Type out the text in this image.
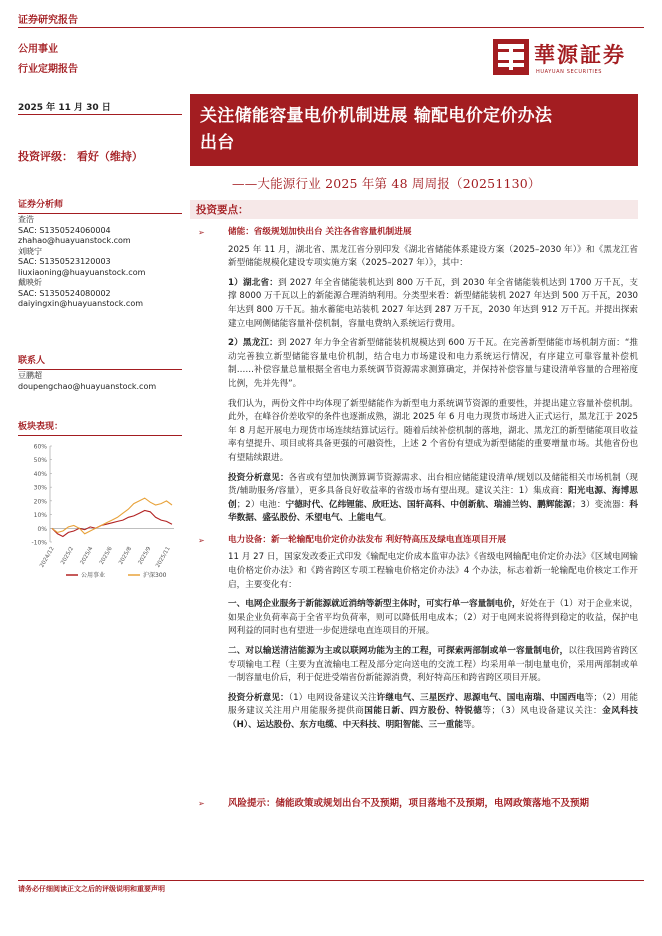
证券研究报告
華源証券
HUAYUAN SECURITIES
公用事业
行业定期报告
2025 年 11 月 30 日
投资评级： 看好（维持）
证券分析师
查浩
SAC: S1350524060004
zhahao@huayuanstock.com
刘晓宁
SAC: S1350523120003
liuxiaoning@huayuanstock.com
戴映炘
SAC: S1350524080002
daiyingxin@huayuanstock.com
联系人
豆鹏超
doupengchao@huayuanstock.com
板块表现：
60%
50%
40%
30%
20%
10%
0%
-10%
2024/12 2025/2 2025/4 2025/6 2025/8 2025/9 2025/11
公用事业	沪深300
关注储能容量电价机制进展 输配电价定价办法
出台
——大能源行业 2025 年第 48 周周报（20251130）
投资要点：
➢	储能：省级规划加快出台 关注各省容量机制进展

2025 年 11 月，湖北省、黑龙江省分别印发《湖北省储能体系建设方案（2025–2030 年）》和《黑龙江省新型储能规模化建设专项实施方案（2025–2027 年）》，其中：

1）湖北省：到 2027 年全省储能装机达到 800 万千瓦，到 2030 年全省储能装机达到 1700 万千瓦，支撑 8000 万千瓦以上的新能源合理消纳利用。分类型来看：新型储能装机 2027 年达到 500 万千瓦，2030 年达到 800 万千瓦。抽水蓄能电站装机 2027 年达到 287 万千瓦，2030 年达到 912 万千瓦。并提出探索建立电网侧储能容量补偿机制，容量电费纳入系统运行费用。

2）黑龙江：到 2027 年力争全省新型储能装机规模达到 600 万千瓦。在完善新型储能市场机制方面：“推动完善独立新型储能容量电价机制，结合电力市场建设和电力系统运行情况，有序建立可靠容量补偿机制……补偿容量总量根据全省电力系统调节资源需求测算确定，并保持补偿容量与建设清单容量的合理裕度比例，先并先得”。

我们认为，两份文件中均体现了新型储能作为新型电力系统调节资源的重要性，并提出建立容量补偿机制。此外，在峰谷价差收窄的条件也逐渐成熟，湖北 2025 年 6 月电力现货市场进入正式运行，黑龙江于 2025 年 8 月起开展电力现货市场连续结算试运行。随着后续补偿机制的落地，湖北、黑龙江的新型储能项目收益率有望提升、项目或将具备更强的可融资性，上述 2 个省份有望成为新型储能的重要增量市场。其他省份也有望陆续跟进。

投资分析意见：各省或有望加快测算调节资源需求、出台相应储能建设清单/规划以及储能相关市场机制（现货/辅助服务/容量），更多具备良好收益率的省级市场有望出现。建议关注：1）集成商：阳光电源、海博思创；2）电池：宁德时代、亿纬锂能、欣旺达、国轩高科、中创新航、瑞浦兰钧、鹏辉能源；3）变流器：科华数据、盛弘股份、禾望电气、上能电气。

➢	电力设备：新一轮输配电价定价办法发布 利好特高压及绿电直连项目开展

11 月 27 日，国家发改委正式印发《输配电定价成本监审办法》《省级电网输配电价定价办法》《区域电网输电价格定价办法》和《跨省跨区专项工程输电价格定价办法》4 个办法，标志着新一轮输配电价核定工作开启，主要变化有：

一、电网企业服务于新能源就近消纳等新型主体时，可实行单一容量制电价，好处在于（1）对于企业来说，如果企业负荷率高于全省平均负荷率，则可以降低用电成本；（2）对于电网来说将得到稳定的收益，保护电网利益的同时也有望进一步促进绿电直连项目的开展。

二、对以输送清洁能源为主或以联网功能为主的工程，可探索两部制或单一容量制电价，以往我国跨省跨区专项输电工程（主要为直流输电工程及部分定向送电的交流工程）均采用单一制电量电价，采用两部制或单一制容量电价后，利于促进受端省份新能源消费，利好特高压和跨省跨区项目开展。

投资分析意见：（1）电网设备建议关注许继电气、三星医疗、思源电气、国电南瑞、中国西电等；（2）用能服务建议关注用户用能服务提供商国能日新、四方股份、特锐德等；（3）风电设备建议关注：金风科技（H）、运达股份、东方电缆、中天科技、明阳智能、三一重能等。

➢ 风险提示：储能政策或规划出台不及预期，项目落地不及预期，电网政策落地不及预期
请务必仔细阅读正文之后的评级说明和重要声明
